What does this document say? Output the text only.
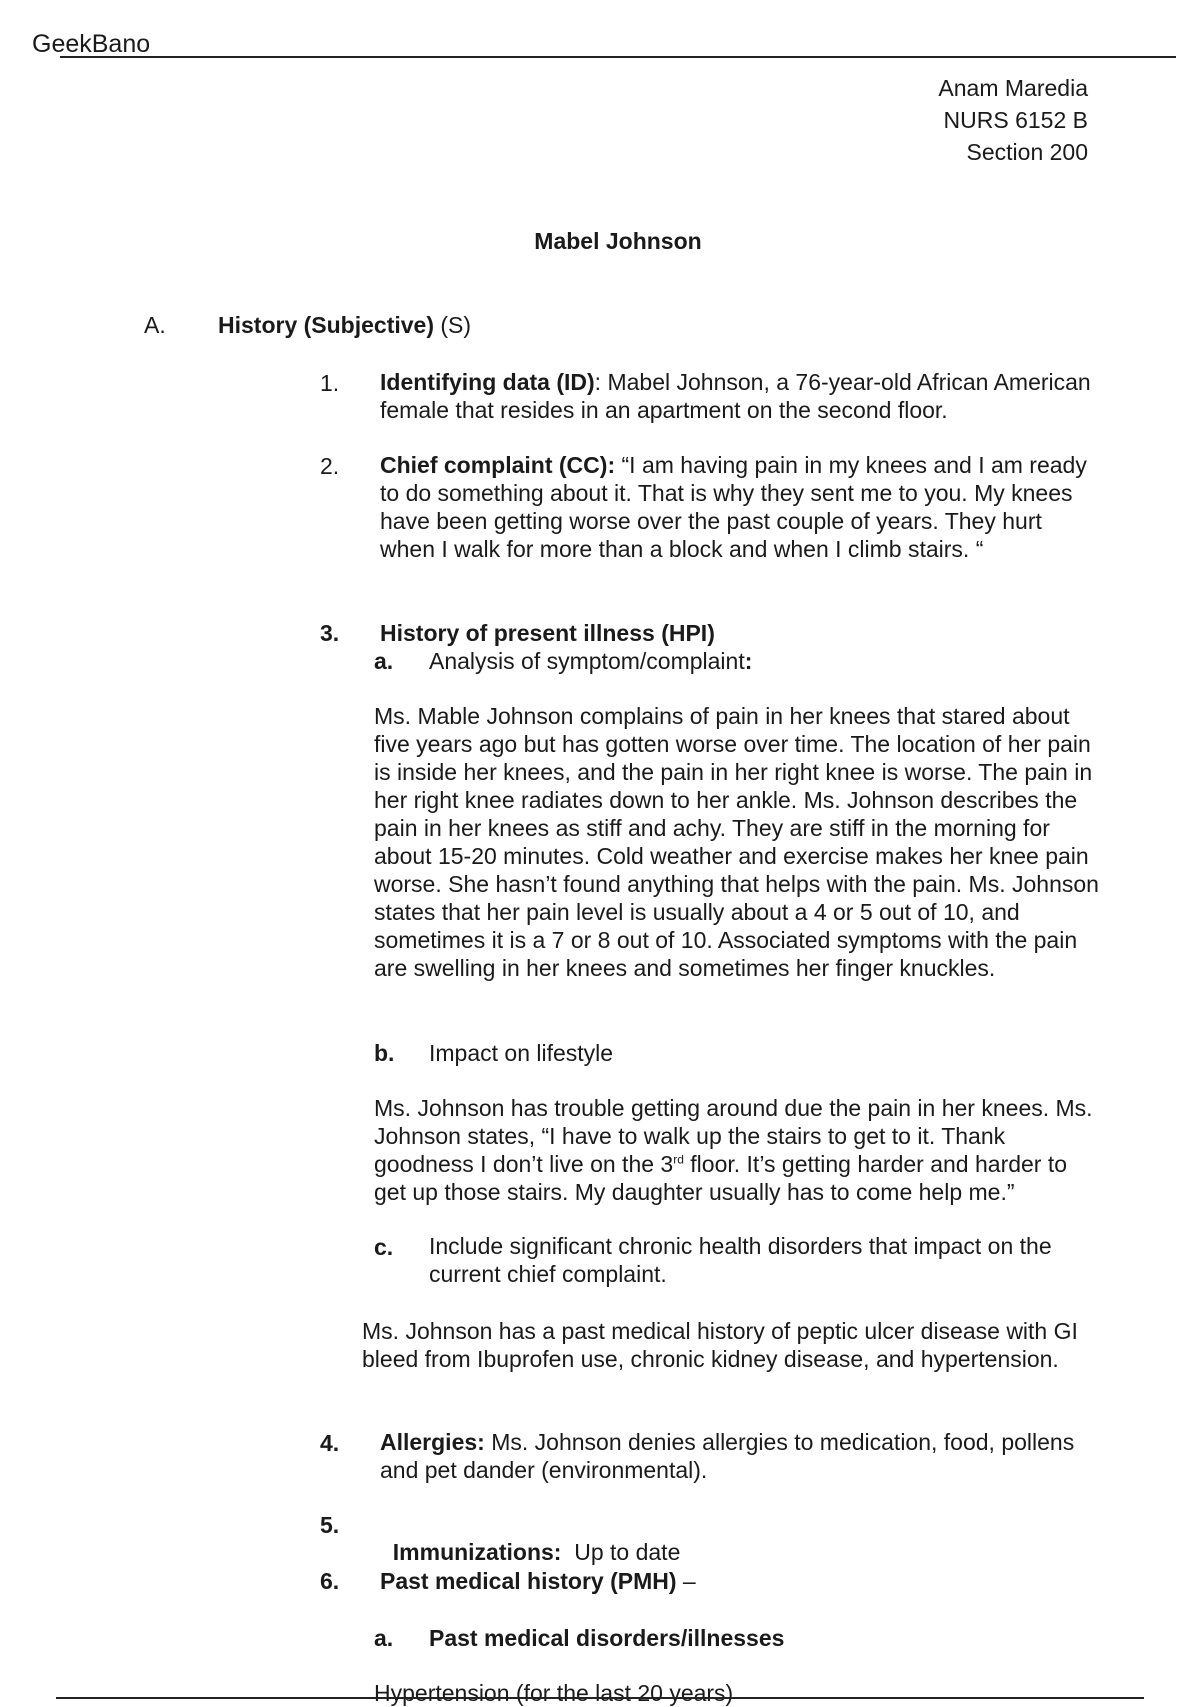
GeekBano
Anam Maredia
NURS 6152 B
Section 200
Mabel Johnson
A. History (Subjective) (S)
1. Identifying data (ID): Mabel Johnson, a 76-year-old African American female that resides in an apartment on the second floor.

2. Chief complaint (CC): “I am having pain in my knees and I am ready to do something about it. That is why they sent me to you. My knees have been getting worse over the past couple of years. They hurt when I walk for more than a block and when I climb stairs. “

3. History of present illness (HPI)
a. Analysis of symptom/complaint:

Ms. Mable Johnson complains of pain in her knees that stared about five years ago but has gotten worse over time. The location of her pain is inside her knees, and the pain in her right knee is worse. The pain in her right knee radiates down to her ankle. Ms. Johnson describes the pain in her knees as stiff and achy. They are stiff in the morning for about 15-20 minutes. Cold weather and exercise makes her knee pain worse. She hasn’t found anything that helps with the pain. Ms. Johnson states that her pain level is usually about a 4 or 5 out of 10, and sometimes it is a 7 or 8 out of 10. Associated symptoms with the pain are swelling in her knees and sometimes her finger knuckles.

b. Impact on lifestyle

Ms. Johnson has trouble getting around due the pain in her knees. Ms. Johnson states, “I have to walk up the stairs to get to it. Thank goodness I don’t live on the 3rd floor. It’s getting harder and harder to get up those stairs. My daughter usually has to come help me.”

c. Include significant chronic health disorders that impact on the current chief complaint.

Ms. Johnson has a past medical history of peptic ulcer disease with GI bleed from Ibuprofen use, chronic kidney disease, and hypertension.

4. Allergies: Ms. Johnson denies allergies to medication, food, pollens and pet dander (environmental).

5.

Immunizations:  Up to date

6. Past medical history (PMH) –
a. Past medical disorders/illnesses
Hypertension (for the last 20 years)
